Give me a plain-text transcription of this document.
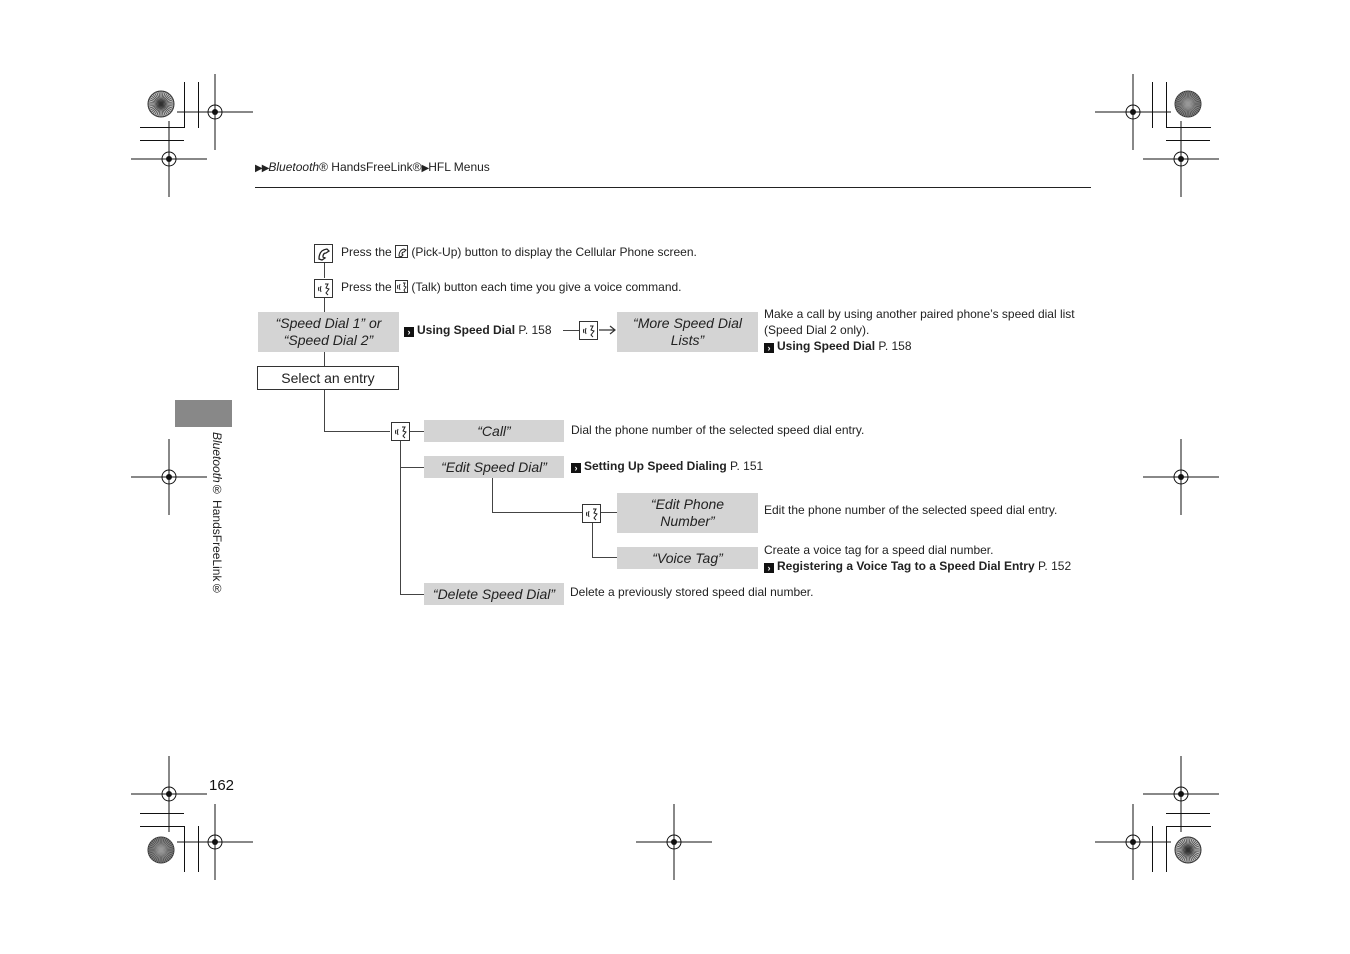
▶▶Bluetooth® HandsFreeLink®▶HFL Menus
Bluetooth® HandsFreeLink®
Press the (Pick-Up) button to display the Cellular Phone screen.
Press the (Talk) button each time you give a voice command.
“Speed Dial 1” or
“Speed Dial 2”	› Using Speed Dial P. 158	“More Speed Dial
Lists”
Make a call by using another paired phone’s speed dial list
(Speed Dial 2 only).
› Using Speed Dial P. 158
Select an entry
“Call”	Dial the phone number of the selected speed dial entry.
“Edit Speed Dial”	› Setting Up Speed Dialing P. 151
“Edit Phone
Number”
Edit the phone number of the selected speed dial entry.
“Voice Tag”	Create a voice tag for a speed dial number.
› Registering a Voice Tag to a Speed Dial Entry P. 152
“Delete Speed Dial”	Delete a previously stored speed dial number.
162
